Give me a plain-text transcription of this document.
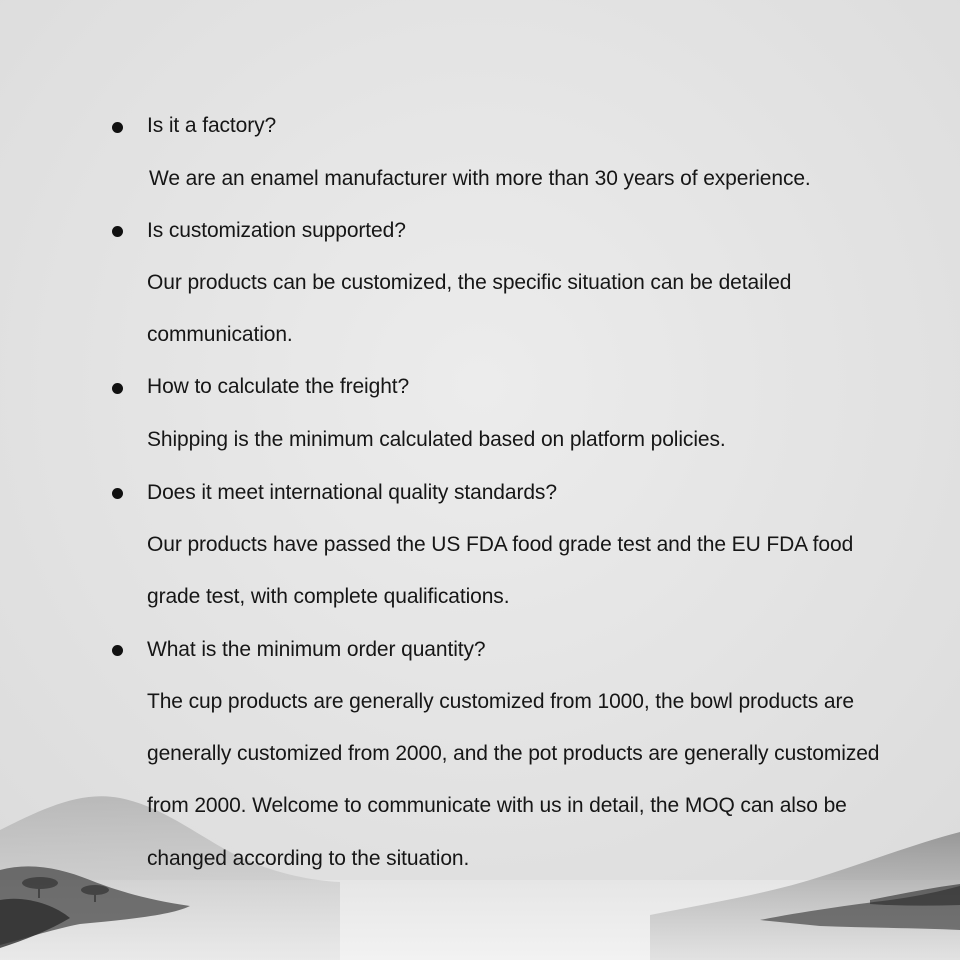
Is it a factory?
We are an enamel manufacturer with more than 30 years of experience.
Is customization supported?
Our products can be customized, the specific situation can be detailed
communication.
How to calculate the freight?
Shipping is the minimum calculated based on platform policies.
Does it meet international quality standards?
Our products have passed the US FDA food grade test and the EU FDA food
grade test, with complete qualifications.
What is the minimum order quantity?
The cup products are generally customized from 1000, the bowl products are
generally customized from 2000, and the pot products are generally customized
from 2000. Welcome to communicate with us in detail, the MOQ can also be
changed according to the situation.
